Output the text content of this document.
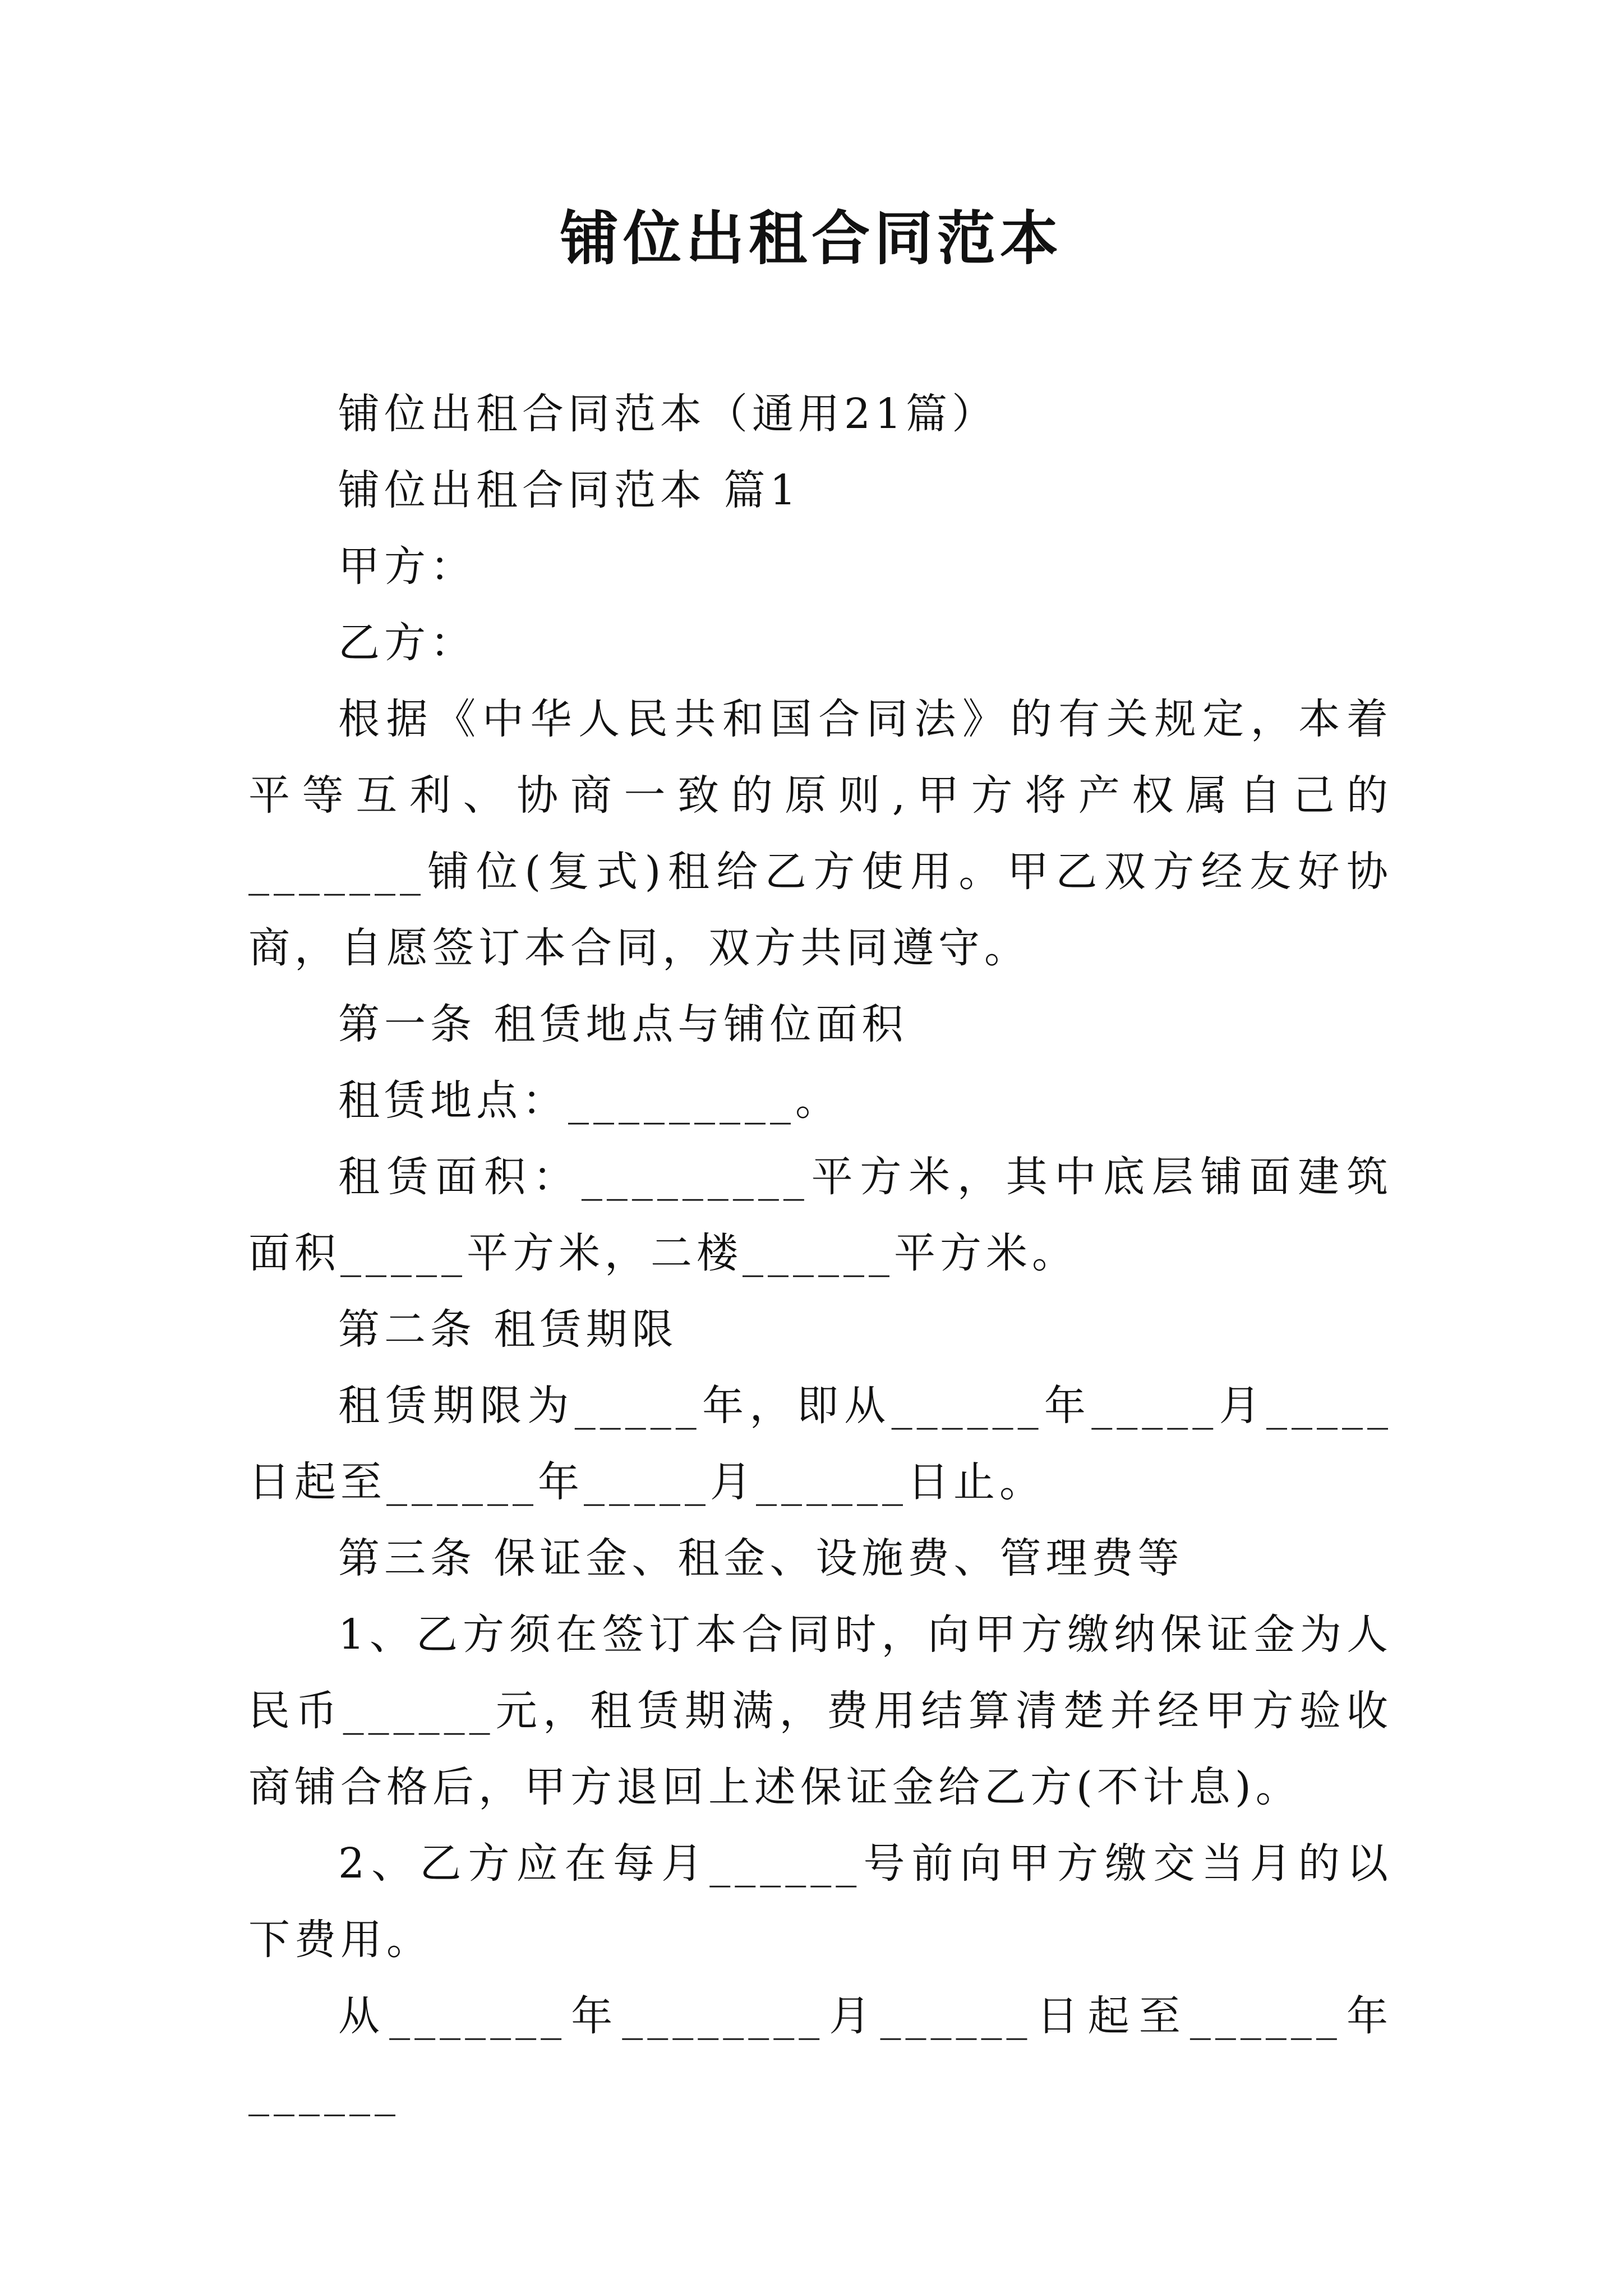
铺位出租合同范本

铺位出租合同范本（通用21篇）

铺位出租合同范本 篇1

甲方：

乙方：

根据《中华人民共和国合同法》的有关规定，本着平等互利、协商一致的原则,甲方将产权属自己的_______铺位(复式)租给乙方使用。甲乙双方经友好协商，自愿签订本合同，双方共同遵守。

第一条 租赁地点与铺位面积

租赁地点：_________。

租赁面积：_________平方米，其中底层铺面建筑面积_____平方米，二楼______平方米。

第二条 租赁期限

租赁期限为_____年，即从______年_____月_____日起至______年_____月______日止。

第三条 保证金、租金、设施费、管理费等

1、乙方须在签订本合同时，向甲方缴纳保证金为人民币______元，租赁期满，费用结算清楚并经甲方验收商铺合格后，甲方退回上述保证金给乙方(不计息)。

2、乙方应在每月______号前向甲方缴交当月的以下费用。

从_______年________月______日起至______年______
